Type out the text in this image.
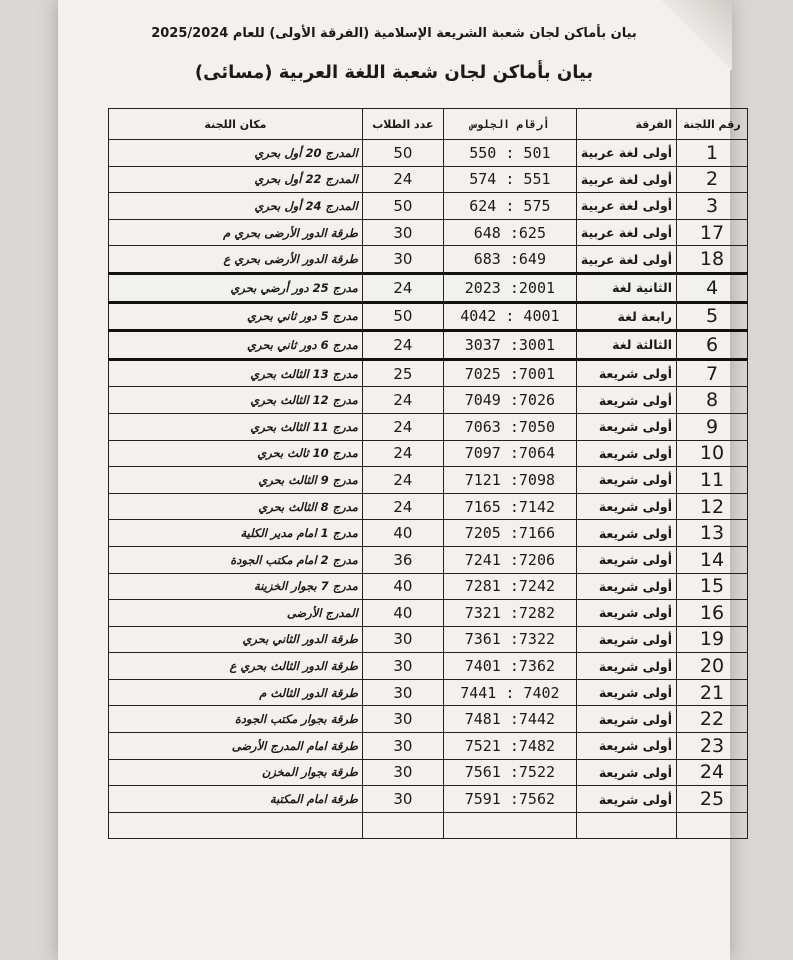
بيان بأماكن لجان شعبة الشريعة الإسلامية (الفرقة الأولى) للعام 2025/2024
بيان بأماكن لجان شعبة اللغة العربية (مسائى)
رقم اللجنة	الفرقة	أرقام الجلوس	عدد الطلاب	مكان اللجنة
1	أولى لغة عربية	501 : 550	50	المدرج 20 أول بحري
2	أولى لغة عربية	551 : 574	24	المدرج 22 أول بحري
3	أولى لغة عربية	575 : 624	50	المدرج 24 أول بحري
17	أولى لغة عربية	625: 648	30	طرقة الدور الأرضى بحري م
18	أولى لغة عربية	649: 683	30	طرقة الدور الأرضى بحري ع
4	الثانية لغة	2001: 2023	24	مدرج 25 دور أرضي بحري
5	رابعة لغة	4001 : 4042	50	مدرج 5 دور ثاني بحري
6	الثالثة لغة	3001: 3037	24	مدرج 6 دور ثاني بحري
7	أولى شريعة	7001: 7025	25	مدرج 13 الثالث بحري
8	أولى شريعة	7026: 7049	24	مدرج 12 الثالث بحري
9	أولى شريعة	7050: 7063	24	مدرج 11 الثالث بحري
10	أولى شريعة	7064: 7097	24	مدرج 10 ثالث بحري
11	أولى شريعة	7098: 7121	24	مدرج 9 الثالث بحري
12	أولى شريعة	7142: 7165	24	مدرج 8 الثالث بحري
13	أولى شريعة	7166: 7205	40	مدرج 1 امام مدير الكلية
14	أولى شريعة	7206: 7241	36	مدرج 2 امام مكتب الجودة
15	أولى شريعة	7242: 7281	40	مدرج 7 بجوار الخزينة
16	أولى شريعة	7282: 7321	40	المدرج الأرضى
19	أولى شريعة	7322: 7361	30	طرقة الدور الثاني بحري
20	أولى شريعة	7362: 7401	30	طرقة الدور الثالث بحري ع
21	أولى شريعة	7402 : 7441	30	طرقة الدور الثالث م
22	أولى شريعة	7442: 7481	30	طرقة بجوار مكتب الجودة
23	أولى شريعة	7482: 7521	30	طرقة امام المدرج الأرضى
24	أولى شريعة	7522: 7561	30	طرقة بجوار المخزن
25	أولى شريعة	7562: 7591	30	طرقة امام المكتبة
